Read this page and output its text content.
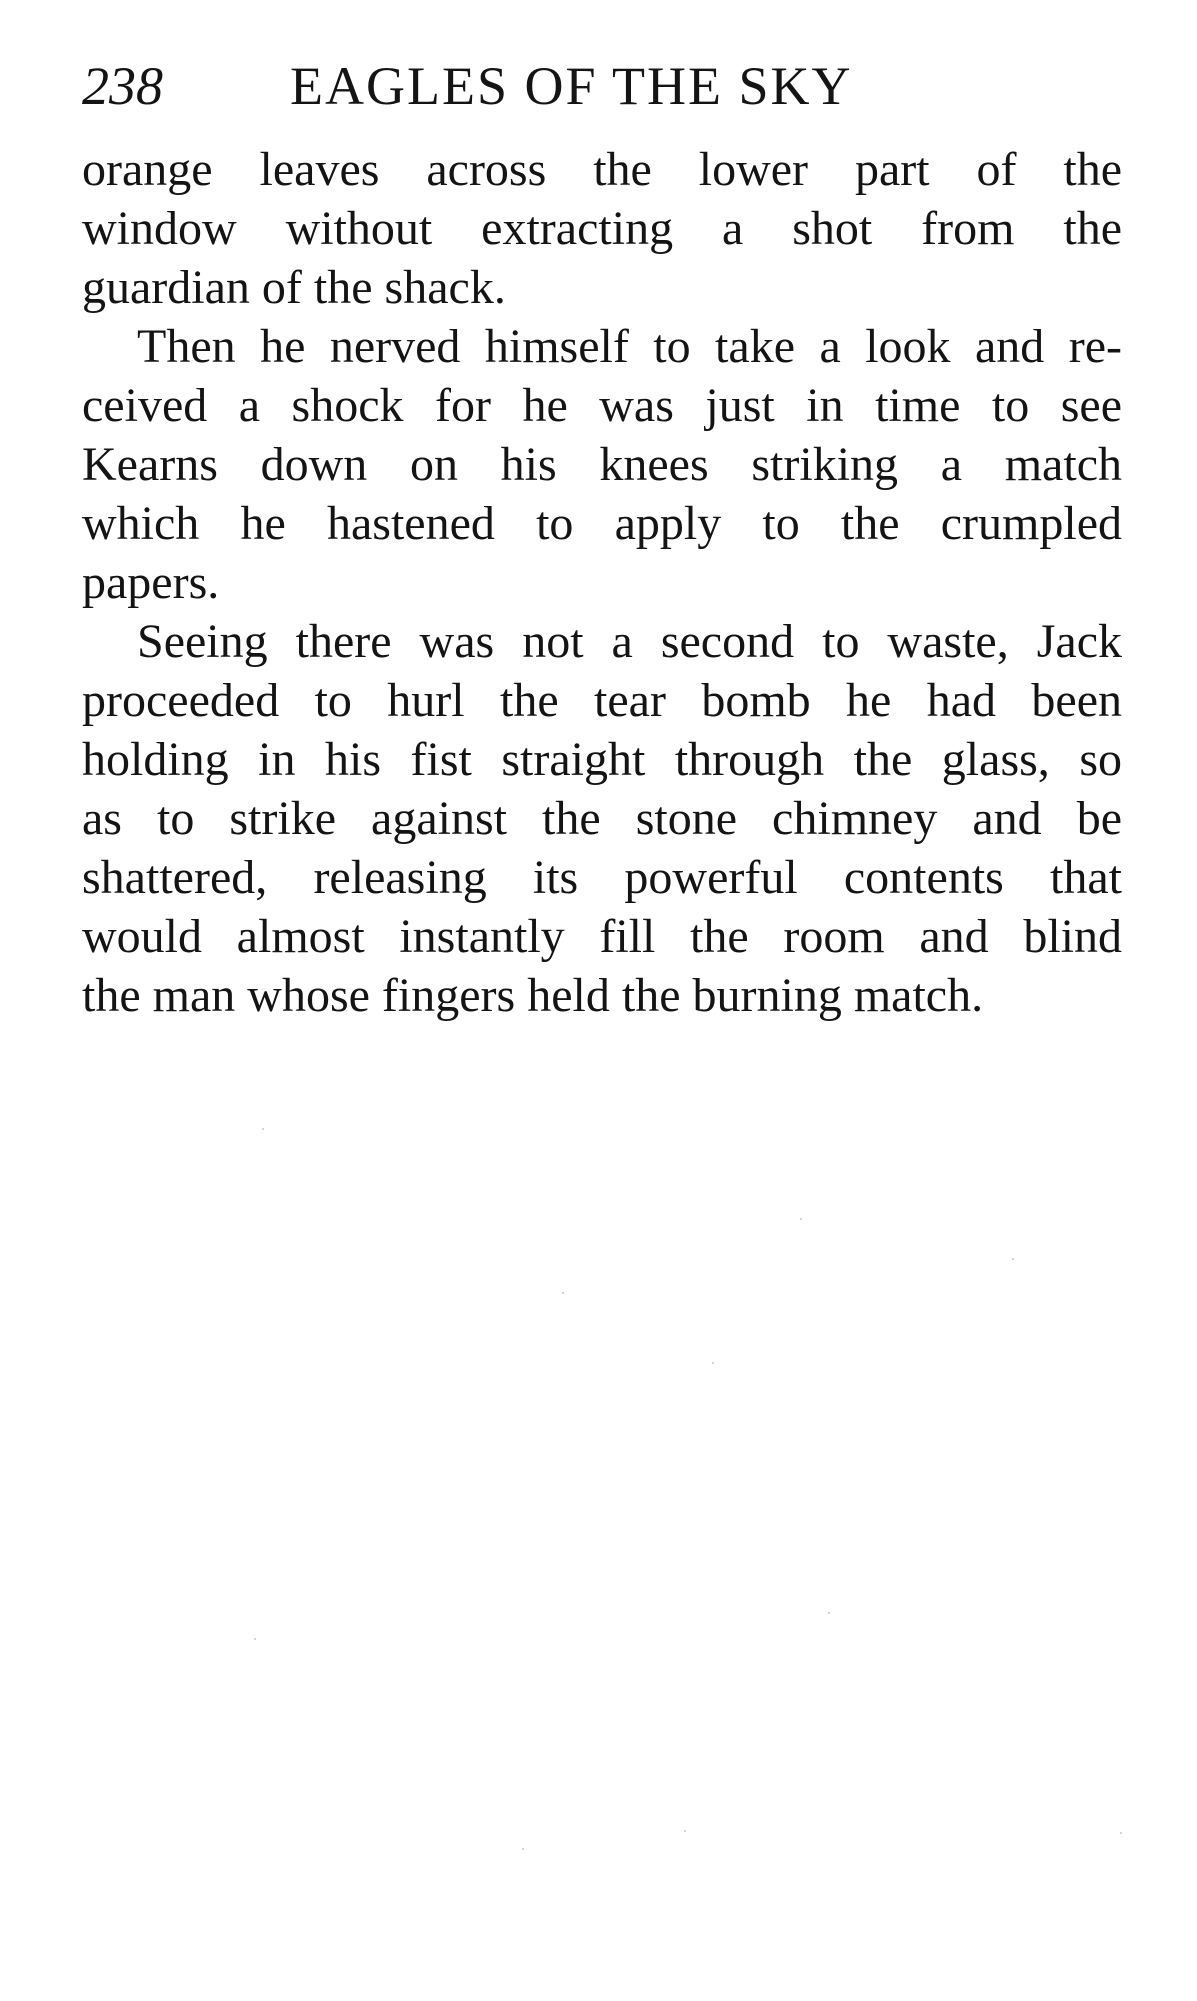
238 EAGLES OF THE SKY
orange leaves across the lower part of the
window without extracting a shot from the
guardian of the shack.
Then he nerved himself to take a look and re-
ceived a shock for he was just in time to see
Kearns down on his knees striking a match
which he hastened to apply to the crumpled
papers.
Seeing there was not a second to waste, Jack
proceeded to hurl the tear bomb he had been
holding in his fist straight through the glass, so
as to strike against the stone chimney and be
shattered, releasing its powerful contents that
would almost instantly fill the room and blind
the man whose fingers held the burning match.
